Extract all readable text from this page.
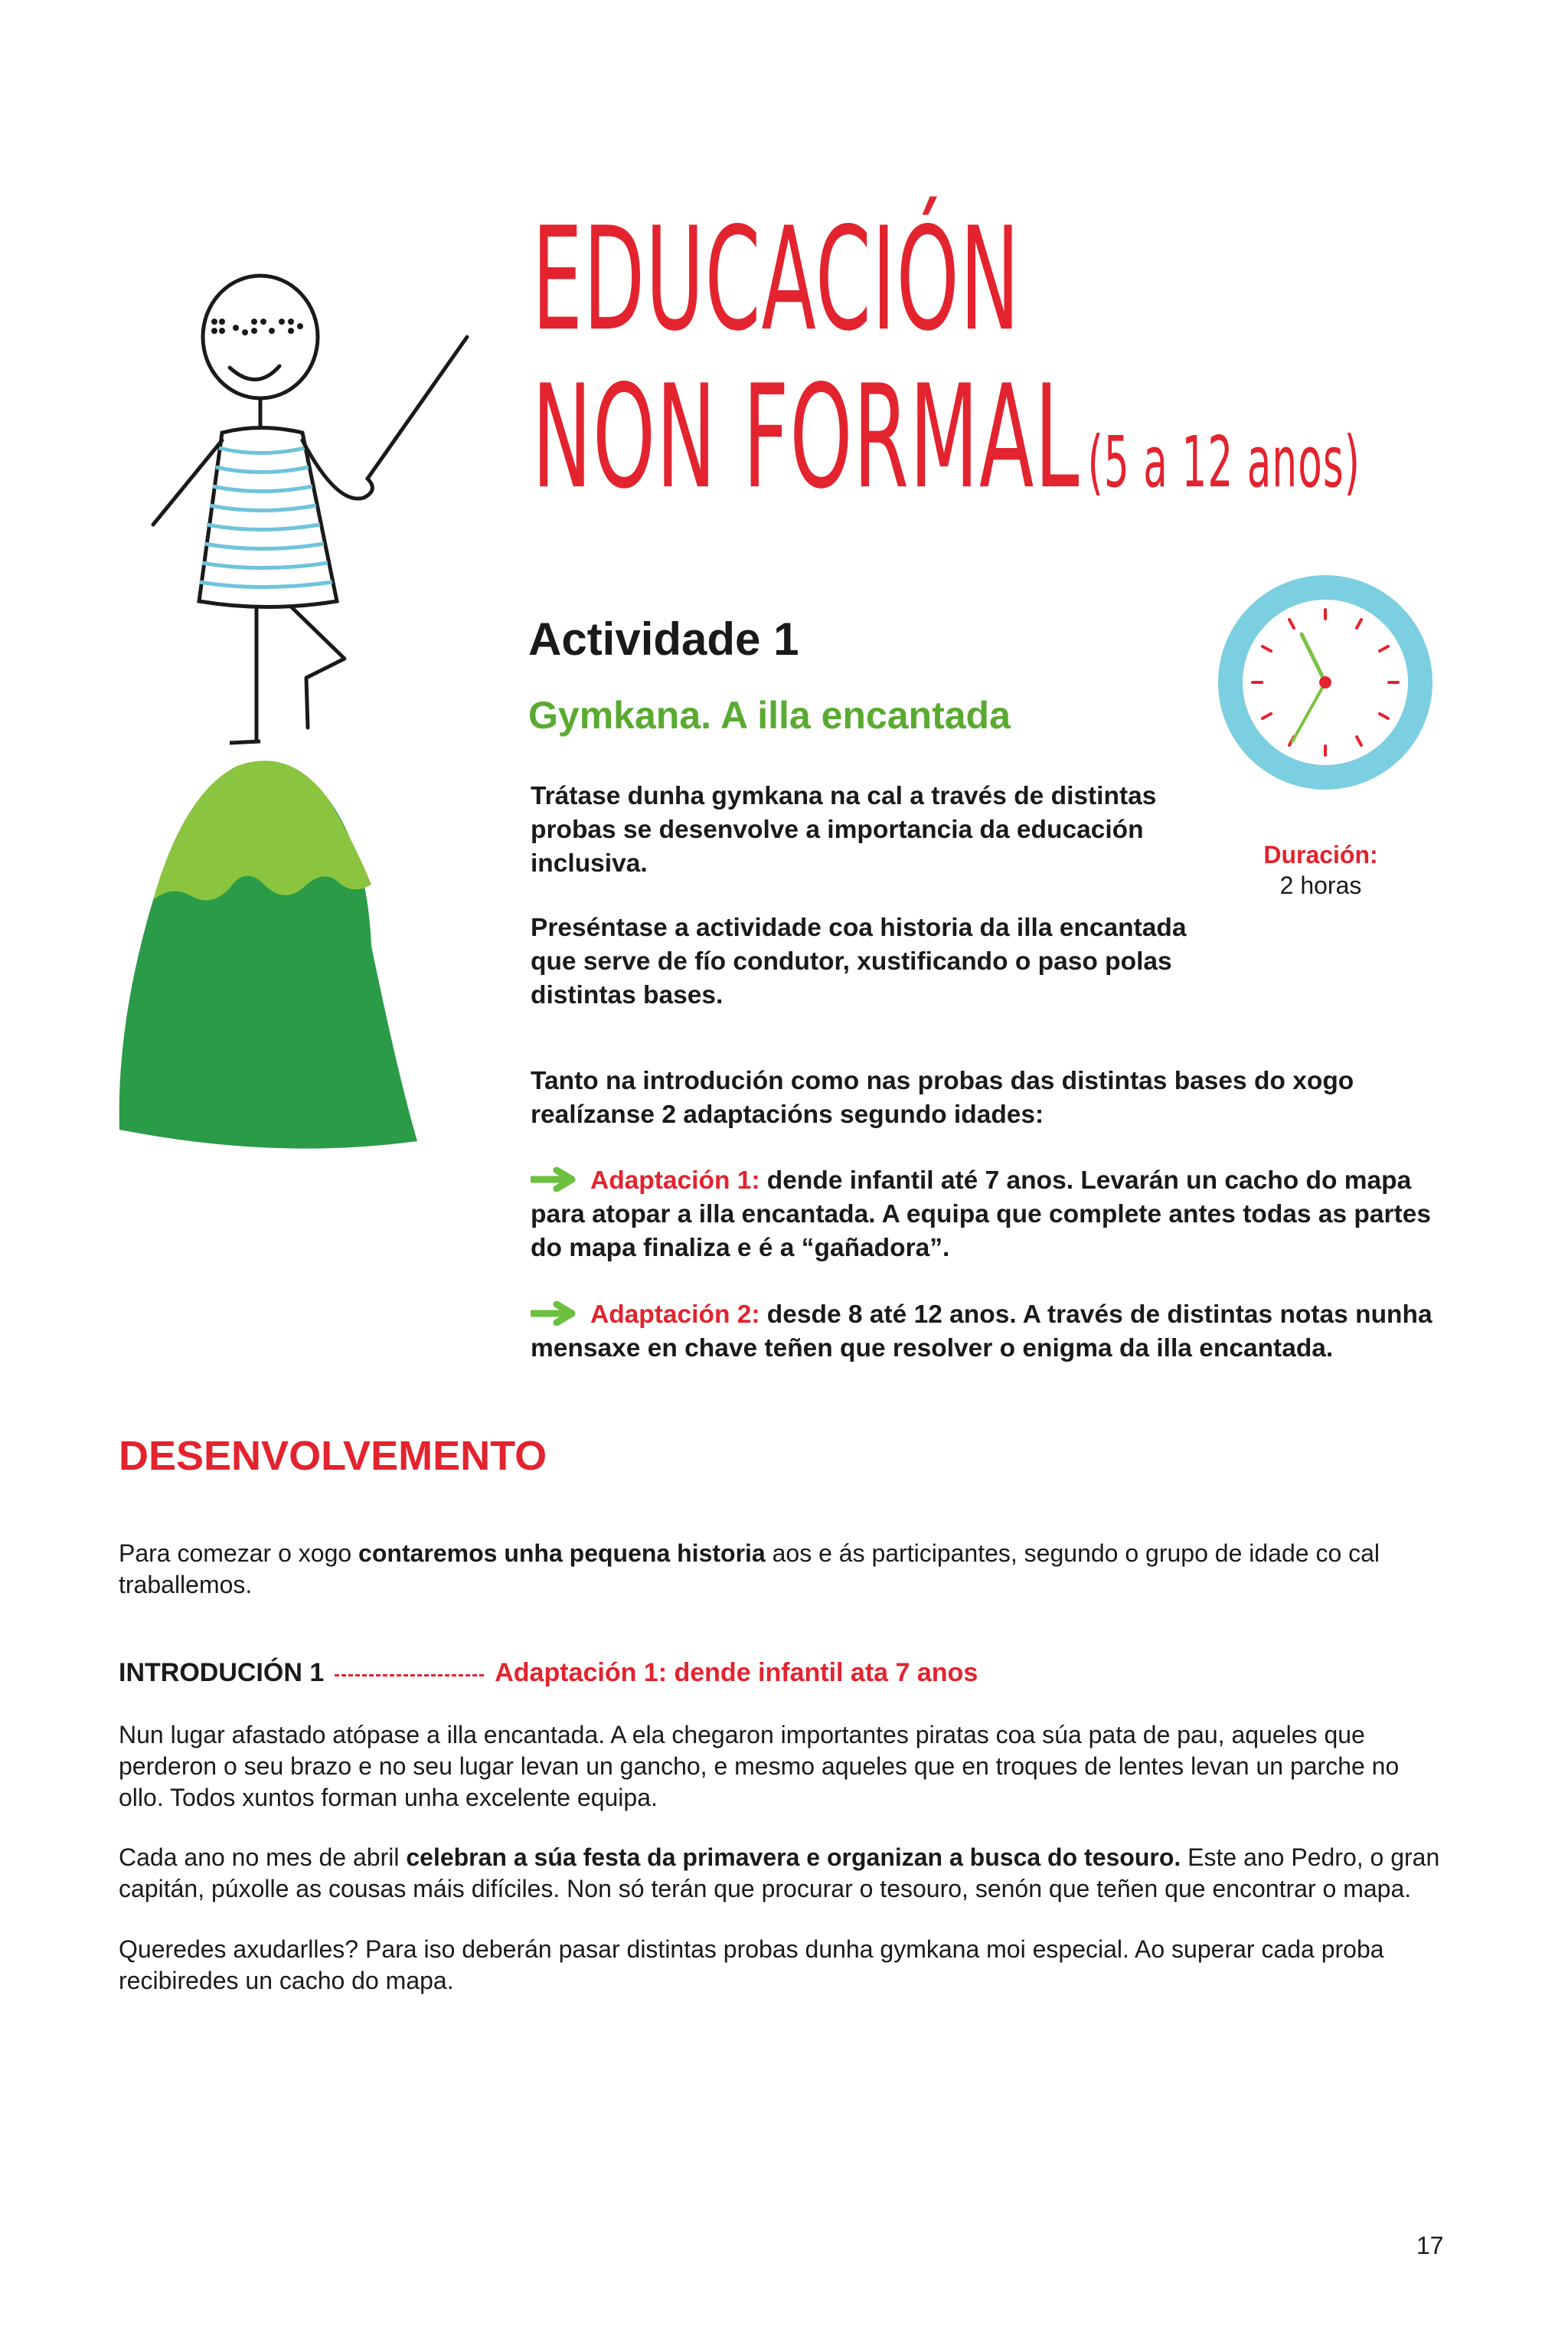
EDUCACIÓN
NON FORMAL (5 a 12 anos)
Actividade 1
Gymkana. A illa encantada
Duración:
2 horas
Trátase dunha gymkana na cal a través de distintas probas se desenvolve a importancia da educación inclusiva.
Preséntase a actividade coa historia da illa encantada que serve de fío condutor, xustificando o paso polas distintas bases.
Tanto na introdución como nas probas das distintas bases do xogo realízanse 2 adaptacións segundo idades:
Adaptación 1: dende infantil até 7 anos. Levarán un cacho do mapa para atopar a illa encantada. A equipa que complete antes todas as partes do mapa finaliza e é a “gañadora”.
Adaptación 2: desde 8 até 12 anos. A través de distintas notas nunha mensaxe en chave teñen que resolver o enigma da illa encantada.
DESENVOLVEMENTO
Para comezar o xogo contaremos unha pequena historia aos e ás participantes, segundo o grupo de idade co cal traballemos.
INTRODUCIÓN 1	Adaptación 1: dende infantil ata 7 anos
Nun lugar afastado atópase a illa encantada. A ela chegaron importantes piratas coa súa pata de pau, aqueles que perderon o seu brazo e no seu lugar levan un gancho, e mesmo aqueles que en troques de lentes levan un parche no ollo. Todos xuntos forman unha excelente equipa.
Cada ano no mes de abril celebran a súa festa da primavera e organizan a busca do tesouro. Este ano Pedro, o gran capitán, púxolle as cousas máis difíciles. Non só terán que procurar o tesouro, senón que teñen que encontrar o mapa.
Queredes axudarlles? Para iso deberán pasar distintas probas dunha gymkana moi especial. Ao superar cada proba recibiredes un cacho do mapa.
17
